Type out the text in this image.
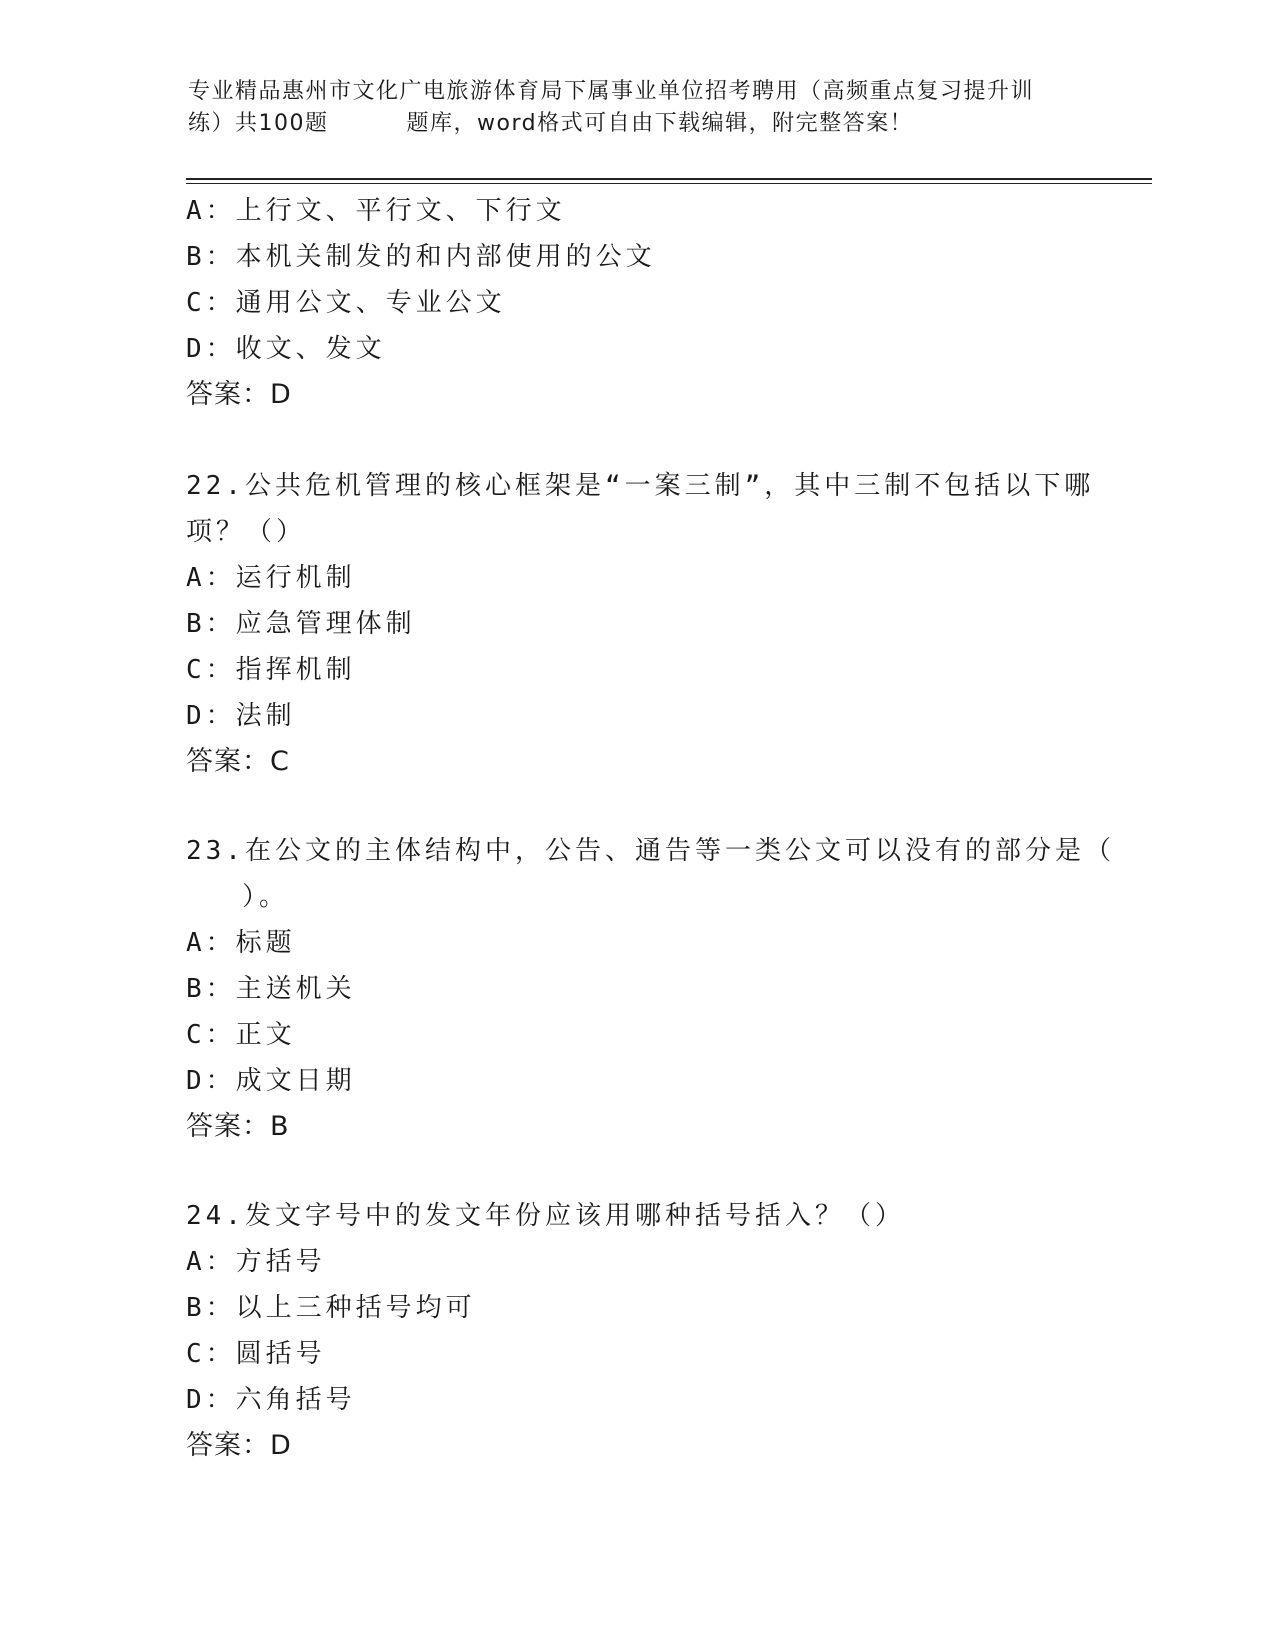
专业精品惠州市文化广电旅游体育局下属事业单位招考聘用（高频重点复习提升训
练）共100题	题库，word格式可自由下载编辑，附完整答案！
A：上行文、平行文、下行文
B：本机关制发的和内部使用的公文
C：通用公文、专业公文
D：收文、发文
答案：D
22.公共危机管理的核心框架是“一案三制”，其中三制不包括以下哪
项？（）
A：运行机制
B：应急管理体制
C：指挥机制
D：法制
答案：C
23.在公文的主体结构中，公告、通告等一类公文可以没有的部分是（
）。
A：标题
B：主送机关
C：正文
D：成文日期
答案：B
24.发文字号中的发文年份应该用哪种括号括入？（）
A：方括号
B：以上三种括号均可
C：圆括号
D：六角括号
答案：D
